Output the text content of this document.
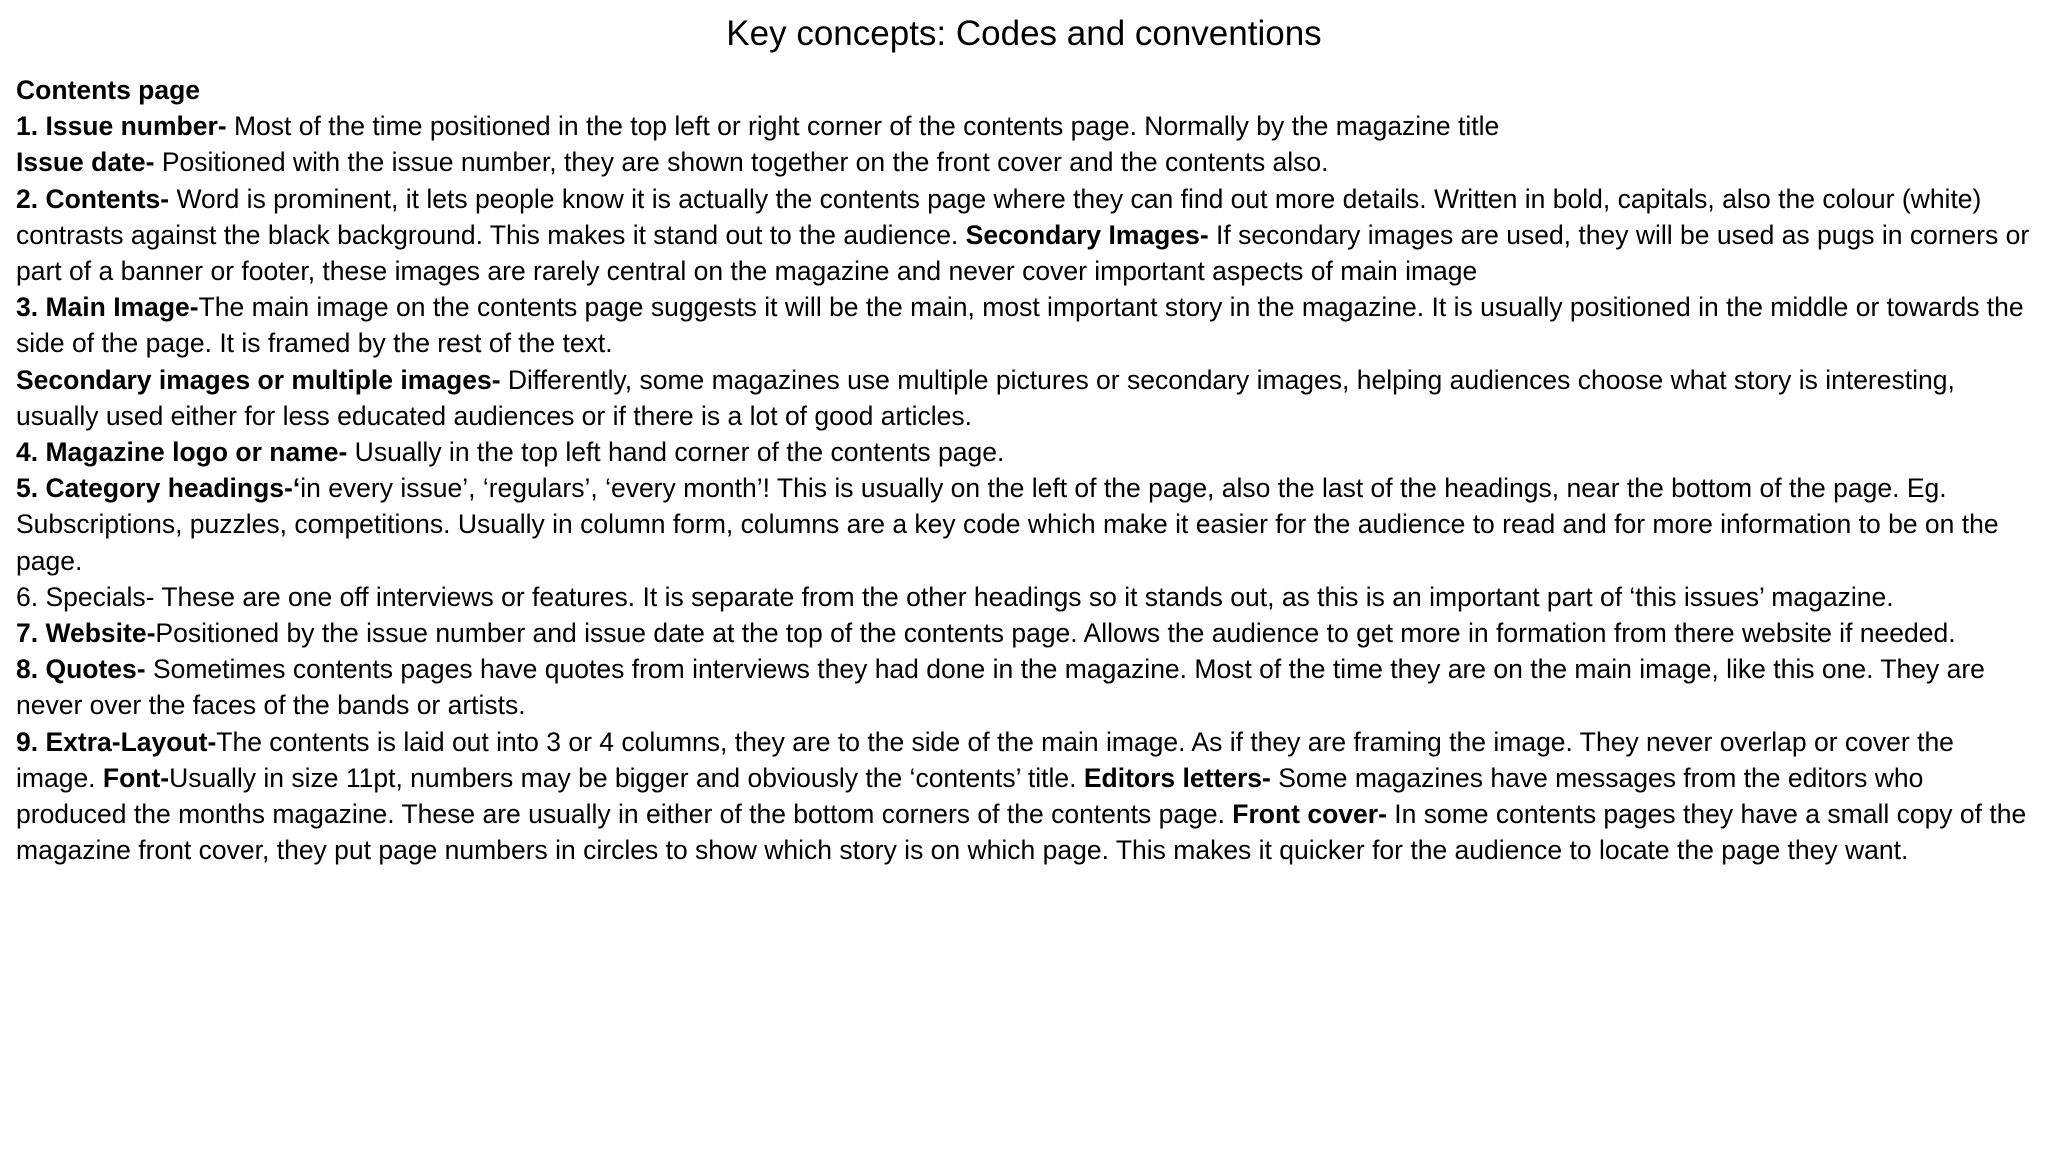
Key concepts: Codes and conventions

Contents page

1. Issue number- Most of the time positioned in the top left or right corner of the contents page. Normally by the magazine title

Issue date- Positioned with the issue number, they are shown together on the front cover and the contents also.

2. Contents- Word is prominent, it lets people know it is actually the contents page where they can find out more details. Written in bold, capitals, also the colour (white) contrasts against the black background. This makes it stand out to the audience. Secondary Images- If secondary images are used, they will be used as pugs in corners or part of a banner or footer, these images are rarely central on the magazine and never cover important aspects of main image

3. Main Image-The main image on the contents page suggests it will be the main, most important story in the magazine. It is usually positioned in the middle or towards the side of the page. It is framed by the rest of the text.

Secondary images or multiple images- Differently, some magazines use multiple pictures or secondary images, helping audiences choose what story is interesting, usually used either for less educated audiences or if there is a lot of good articles.

4. Magazine logo or name- Usually in the top left hand corner of the contents page.

5. Category headings-‘in every issue’, ‘regulars’, ‘every month’! This is usually on the left of the page, also the last of the headings, near the bottom of the page. Eg. Subscriptions, puzzles, competitions. Usually in column form, columns are a key code which make it easier for the audience to read and for more information to be on the page.

6. Specials- These are one off interviews or features. It is separate from the other headings so it stands out, as this is an important part of ‘this issues’ magazine.

7. Website-Positioned by the issue number and issue date at the top of the contents page. Allows the audience to get more in formation from there website if needed.

8. Quotes- Sometimes contents pages have quotes from interviews they had done in the magazine. Most of the time they are on the main image, like this one. They are never over the faces of the bands or artists.

9. Extra-Layout-The contents is laid out into 3 or 4 columns, they are to the side of the main image. As if they are framing the image. They never overlap or cover the image. Font-Usually in size 11pt, numbers may be bigger and obviously the ‘contents’ title. Editors letters- Some magazines have messages from the editors who produced the months magazine. These are usually in either of the bottom corners of the contents page. Front cover- In some contents pages they have a small copy of the magazine front cover, they put page numbers in circles to show which story is on which page. This makes it quicker for the audience to locate the page they want.
